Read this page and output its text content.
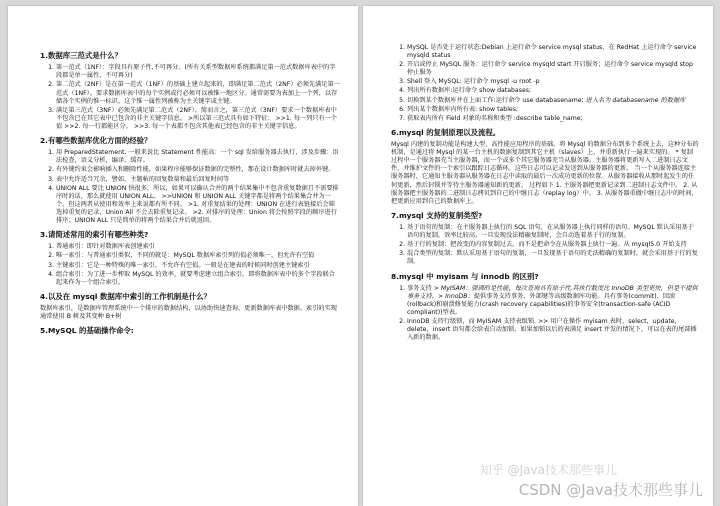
1.数据库三范式是什么？
1. 第一范式（1NF）：字段具有原子性,不可再分。(所有关系型数据库系统都满足第一范式数据库表中的字段都是单一属性，不可再分)
2. 第二范式（2NF）是在第一范式（1NF）的基础上建立起来的，即满足第二范式（2NF）必须先满足第一范式（1NF）。要求数据库表中的每个实例或行必须可以被惟一地区分。通常需要为表加上一个列，以存储各个实例的惟一标识。这个惟一属性列被称为主关键字或主键。
3. 满足第三范式（3NF）必须先满足第二范式（2NF）。简而言之，第三范式（3NF）要求一个数据库表中不包含已在其它表中已包含的非主关键字信息。 >所以第三范式具有如下特征： >>1. 每一列只有一个值 >>2. 每一行都能区分。 >>3. 每一个表都不包含其他表已经包含的非主关键字信息。
2.有哪些数据库优化方面的经验？
1. 用 PreparedStatement, 一般来说比 Statement 性能高：一个 sql 发给服务器去执行，涉及步骤：语法检查、语义分析，编译，缓存。
2. 有外键约束会影响插入和删除性能，如果程序能够保证数据的完整性，那在设计数据库时就去掉外键。
3. 表中允许适当冗余，譬如，主题帖的回复数量和最后回复时间等
4. UNION ALL 要比 UNION 快很多，所以，如果可以确认合并的两个结果集中不包含重复数据且不需要排序时的话，那么就使用 UNION ALL。 >>UNION 和 UNION ALL 关键字都是将两个结果集合并为一个，但这两者从使用和效率上来说都有所不同。 >1. 对重复结果的处理：UNION 在进行表链接后会筛选掉重复的记录，Union All 不会去除重复记录。 >2. 对排序的处理：Union 将会按照字段的顺序进行排序；UNION ALL 只是简单的将两个结果合并后就返回。
3.请简述常用的索引有哪些种类?
1. 普通索引：即针对数据库表创建索引
2. 唯一索引：与普通索引类似，不同的就是：MySQL 数据库索引列的值必须唯一，但允许有空值
3. 主键索引：它是一种特殊的唯一索引，不允许有空值。一般是在建表的时候同时创建主键索引
4. 组合索引：为了进一步榨取 MySQL 的效率，就要考虑建立组合索引。即将数据库表中的多个字段联合起来作为一个组合索引。
4.以及在 mysql 数据库中索引的工作机制是什么？

数据库索引，是数据库管理系统中一个排序的数据结构，以协助快速查询、更新数据库表中数据。索引的实现通常使用 B 树及其变种 B+树

5.MySQL 的基础操作命令:
1. MySQL 是否处于运行状态:Debian 上运行命令 service mysql status，在 RedHat 上运行命令 service mysqld status
2. 开启或停止 MySQL 服务：运行命令 service mysqld start 开启服务；运行命令 service mysqld stop 停止服务
3. Shell 登入 MySQL: 运行命令 mysql -u root -p
4. 列出所有数据库:运行命令 show databases;
5. 切换到某个数据库并在上面工作:运行命令 use databasename; 进入名为 databasename 的数据库
6. 列出某个数据库内所有表: show tables;
7. 获取表内所有 Field 对象的名称和类型 :describe table_name;
6.mysql 的复制原理以及流程。

Mysql 内建的复制功能是构建大型，高性能应用程序的基础。将 Mysql 的数据分布到多个系统上去，这种分布的机制，是通过将 Mysql 的某一台主机的数据复制到其它主机（slaves）上，并重新执行一遍来实现的。 * 复制过程中一个服务器充当主服务器，而一个或多个其它服务器充当从服务器。主服务器将更新写入二进制日志文件，并维护文件的一个索引以跟踪日志循环。这些日志可以记录发送到从服务器的更新。 当一个从服务器连接主服务器时，它通知主服务器从服务器在日志中读取的最后一次成功更新的位置。从服务器接收从那时起发生的任何更新，然后封锁并等待主服务器通知新的更新。 过程如下 1. 主服务器把更新记录到二进制日志文件中。 2. 从服务器把主服务器的二进制日志拷贝到自己的中继日志（replay log）中。 3. 从服务器重做中继日志中的时间，把更新应用到自己的数据库上。

7.mysql 支持的复制类型?
1. 基于语句的复制：在主服务器上执行的 SQL 语句，在从服务器上执行同样的语句。MySQL 默认采用基于语句的复制，效率比较高。一旦发现没法精确复制时，会自动选着基于行的复制。
2. 基于行的复制：把改变的内容复制过去，而不是把命令在从服务器上执行一遍。从 mysql5.0 开始支持
3. 混合类型的复制：默认采用基于语句的复制，一旦发现基于语句的无法精确的复制时，就会采用基于行的复制。
8.mysql 中 myisam 与 innodb 的区别?
1. 事务支持 > MyISAM：强调的是性能，每次查询具有原子性,其执行数度比 InnoDB 类型更快，但是不提供事务支持。> InnoDB：提供事务支持事务，外部键等高级数据库功能。具有事务(commit)、回滚(rollback)和崩溃修复能力(crash recovery capabilities)的事务安全(transaction-safe (ACID compliant))型表。
2. InnoDB 支持行级锁，而 MyISAM 支持表级锁. >> 用户在操作 myisam 表时，select，update，delete，insert 语句都会给表自动加锁，如果加锁以后的表满足 insert 并发的情况下，可以在表的尾部插入新的数据。
知乎 @Java技术那些事儿
CSDN @Java技术那些事儿
